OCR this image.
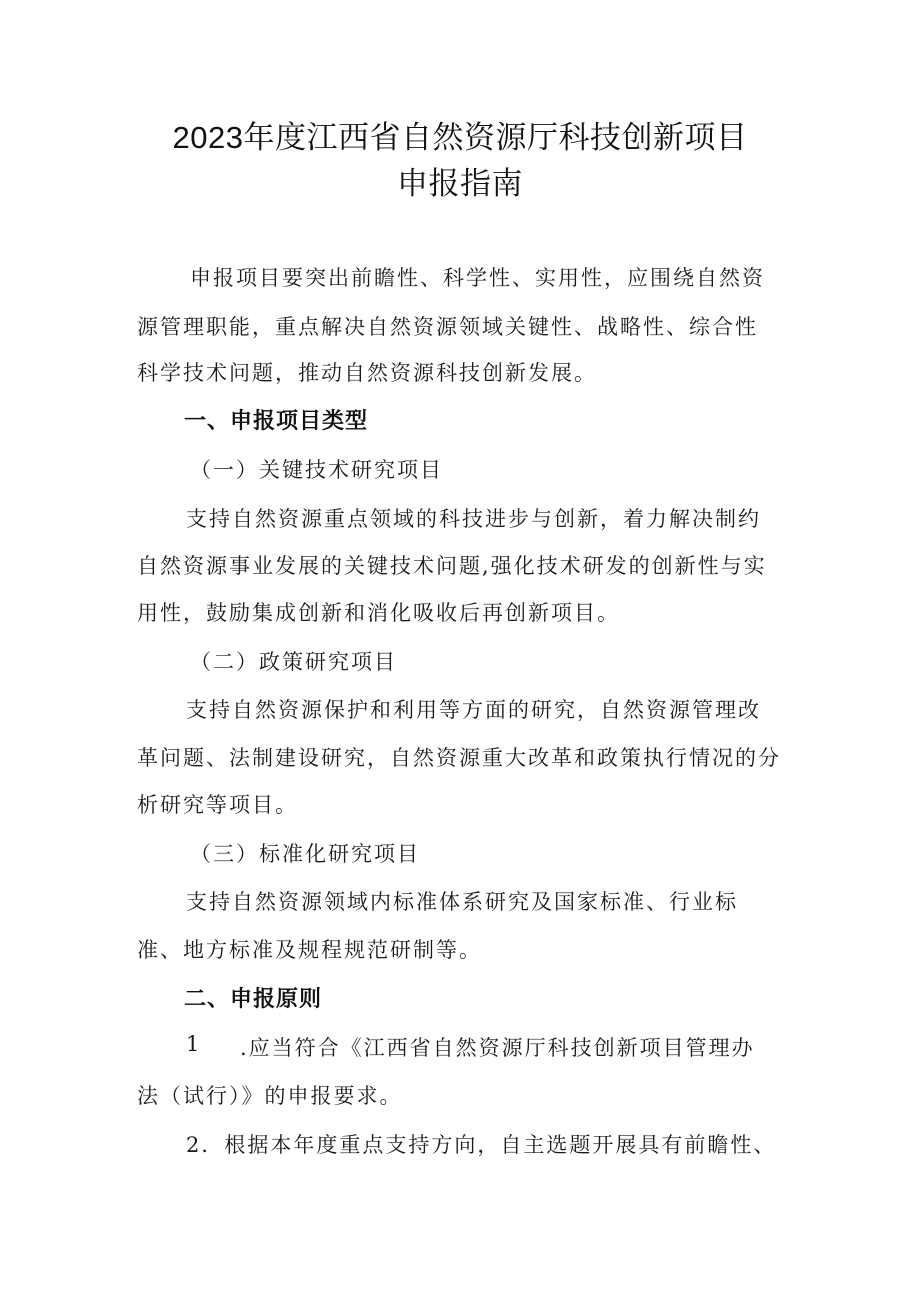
2023年度江西省自然资源厅科技创新项目
申报指南
申报项目要突出前瞻性、科学性、实用性，应围绕自然资
源管理职能，重点解决自然资源领域关键性、战略性、综合性
科学技术问题，推动自然资源科技创新发展。
一、申报项目类型
（一）关键技术研究项目
支持自然资源重点领域的科技进步与创新，着力解决制约
自然资源事业发展的关键技术问题,强化技术研发的创新性与实
用性，鼓励集成创新和消化吸收后再创新项目。
（二）政策研究项目
支持自然资源保护和利用等方面的研究，自然资源管理改
革问题、法制建设研究，自然资源重大改革和政策执行情况的分
析研究等项目。
（三）标准化研究项目
支持自然资源领域内标准体系研究及国家标准、行业标
准、地方标准及规程规范研制等。
二、申报原则
1 .应当符合《江西省自然资源厅科技创新项目管理办
法（试行）》的申报要求。
2．根据本年度重点支持方向，自主选题开展具有前瞻性、
